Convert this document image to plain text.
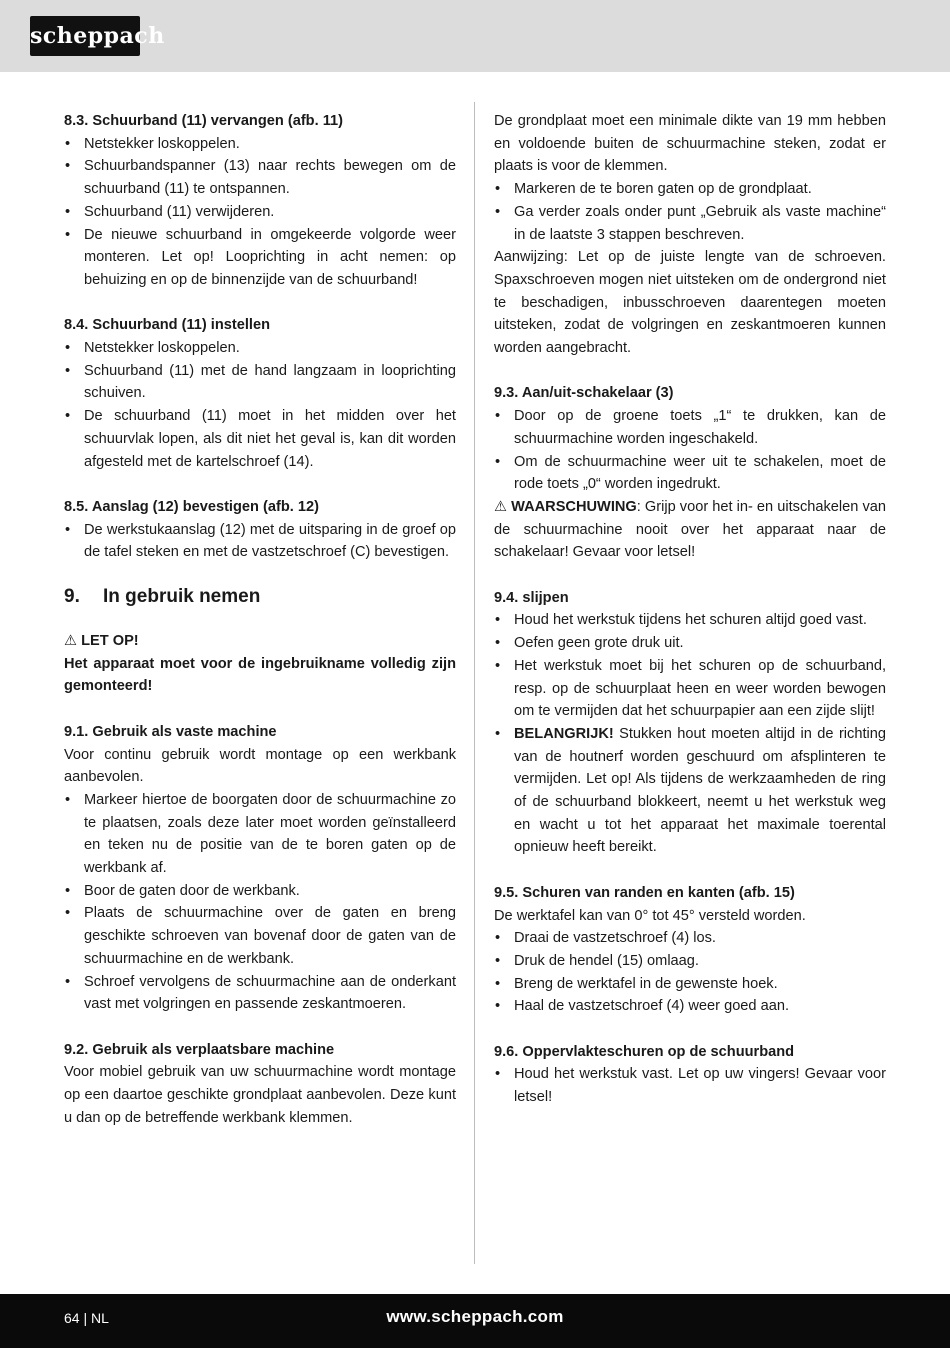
scheppach
8.3. Schuurband (11) vervangen (afb. 11)
• Netstekker loskoppelen.
• Schuurbandspanner (13) naar rechts bewegen om de schuurband (11) te ontspannen.
• Schuurband (11) verwijderen.
• De nieuwe schuurband in omgekeerde volgorde weer monteren. Let op! Looprichting in acht nemen: op behuizing en op de binnenzijde van de schuurband!
8.4. Schuurband (11) instellen
• Netstekker loskoppelen.
• Schuurband (11) met de hand langzaam in looprichting schuiven.
• De schuurband (11) moet in het midden over het schuurvlak lopen, als dit niet het geval is, kan dit worden afgesteld met de kartelschroef (14).
8.5. Aanslag (12) bevestigen (afb. 12)
• De werkstukaanslag (12) met de uitsparing in de groef op de tafel steken en met de vastzetschroef (C) bevestigen.
9.	In gebruik nemen
⚠ LET OP!

Het apparaat moet voor de ingebruikname volledig zijn gemonteerd!

9.1. Gebruik als vaste machine

Voor continu gebruik wordt montage op een werkbank aanbevolen.

• Markeer hiertoe de boorgaten door de schuurmachine zo te plaatsen, zoals deze later moet worden geïnstalleerd en teken nu de positie van de te boren gaten op de werkbank af.
• Boor de gaten door de werkbank.
• Plaats de schuurmachine over de gaten en breng geschikte schroeven van bovenaf door de gaten van de schuurmachine en de werkbank.
• Schroef vervolgens de schuurmachine aan de onderkant vast met volgringen en passende zeskantmoeren.
9.2. Gebruik als verplaatsbare machine

Voor mobiel gebruik van uw schuurmachine wordt montage op een daartoe geschikte grondplaat aanbevolen. Deze kunt u dan op de betreffende werkbank klemmen.

De grondplaat moet een minimale dikte van 19 mm hebben en voldoende buiten de schuurmachine steken, zodat er plaats is voor de klemmen.

• Markeren de te boren gaten op de grondplaat.
• Ga verder zoals onder punt „Gebruik als vaste machine“ in de laatste 3 stappen beschreven.

Aanwijzing: Let op de juiste lengte van de schroeven. Spaxschroeven mogen niet uitsteken om de ondergrond niet te beschadigen, inbusschroeven daarentegen moeten uitsteken, zodat de volgringen en zeskantmoeren kunnen worden aangebracht.

9.3. Aan/uit-schakelaar (3)
• Door op de groene toets „1“ te drukken, kan de schuurmachine worden ingeschakeld.
• Om de schuurmachine weer uit te schakelen, moet de rode toets „0“ worden ingedrukt.

⚠ WAARSCHUWING: Grijp voor het in- en uitschakelen van de schuurmachine nooit over het apparaat naar de schakelaar! Gevaar voor letsel!

9.4. slijpen
• Houd het werkstuk tijdens het schuren altijd goed vast.
• Oefen geen grote druk uit.
• Het werkstuk moet bij het schuren op de schuurband, resp. op de schuurplaat heen en weer worden bewogen om te vermijden dat het schuurpapier aan een zijde slijt!
• BELANGRIJK! Stukken hout moeten altijd in de richting van de houtnerf worden geschuurd om afsplinteren te vermijden. Let op! Als tijdens de werkzaamheden de ring of de schuurband blokkeert, neemt u het werkstuk weg en wacht u tot het apparaat het maximale toerental opnieuw heeft bereikt.
9.5. Schuren van randen en kanten (afb. 15)

De werktafel kan van 0° tot 45° versteld worden.

• Draai de vastzetschroef (4) los.
• Druk de hendel (15) omlaag.
• Breng de werktafel in de gewenste hoek.
• Haal de vastzetschroef (4) weer goed aan.
9.6. Oppervlakteschuren op de schuurband
• Houd het werkstuk vast. Let op uw vingers! Gevaar voor letsel!
64 | NL	www.scheppach.com
